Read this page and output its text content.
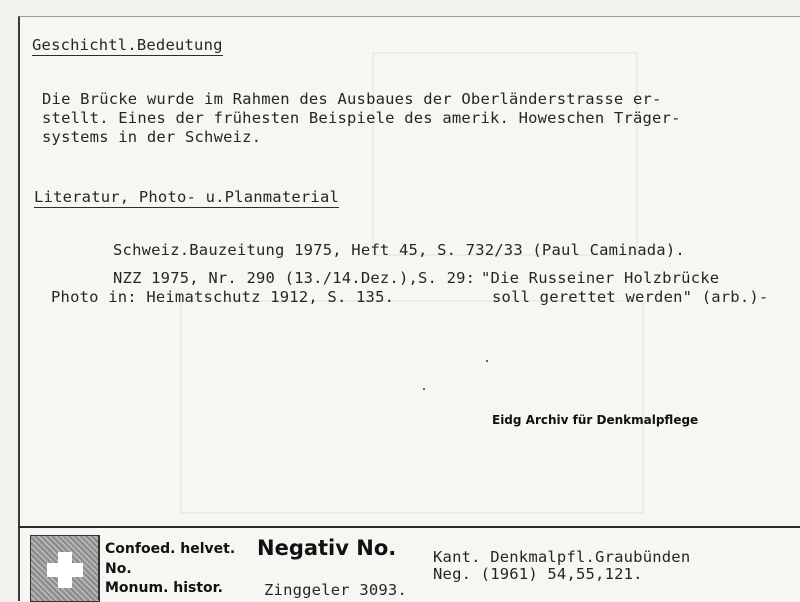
Geschichtl.Bedeutung
Die Brücke wurde im Rahmen des Ausbaues der Oberländerstrasse er-
stellt. Eines der frühesten Beispiele des amerik. Howeschen Träger-
systems in der Schweiz.
Literatur, Photo- u.Planmaterial
Schweiz.Bauzeitung 1975, Heft 45, S. 732/33 (Paul Caminada).
NZZ 1975, Nr. 290 (13./14.Dez.),S. 29: "Die Russeiner Holzbrücke
Photo in: Heimatschutz 1912, S. 135.	soll gerettet werden" (arb.)-
Eidg Archiv für Denkmalpflege
Confoed. helvet.
No.
Monum. histor.
Negativ No. Kant. Denkmalpfl.Graubünden
Neg. (1961) 54,55,121.
Zinggeler 3093.
